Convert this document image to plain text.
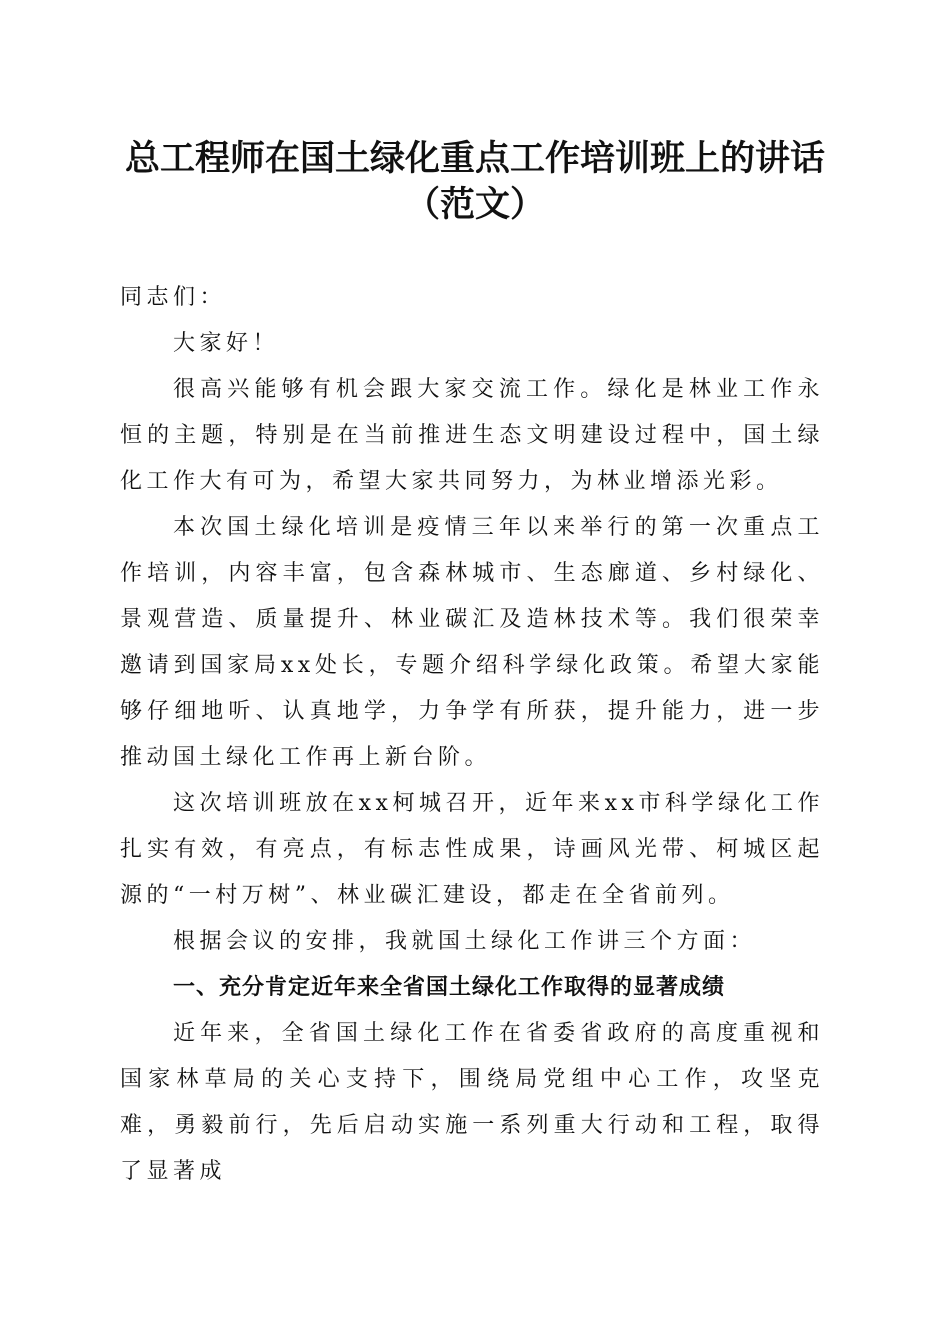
总工程师在国土绿化重点工作培训班上的讲话
（范文）
同志们：

大家好！

很高兴能够有机会跟大家交流工作。绿化是林业工作永恒的主题，特别是在当前推进生态文明建设过程中，国土绿化工作大有可为，希望大家共同努力，为林业增添光彩。

本次国土绿化培训是疫情三年以来举行的第一次重点工作培训，内容丰富，包含森林城市、生态廊道、乡村绿化、景观营造、质量提升、林业碳汇及造林技术等。我们很荣幸邀请到国家局xx处长，专题介绍科学绿化政策。希望大家能够仔细地听、认真地学，力争学有所获，提升能力，进一步推动国土绿化工作再上新台阶。

这次培训班放在xx柯城召开，近年来xx市科学绿化工作扎实有效，有亮点，有标志性成果，诗画风光带、柯城区起源的“一村万树”、林业碳汇建设，都走在全省前列。

根据会议的安排，我就国土绿化工作讲三个方面：

一、充分肯定近年来全省国土绿化工作取得的显著成绩

近年来，全省国土绿化工作在省委省政府的高度重视和国家林草局的关心支持下，围绕局党组中心工作，攻坚克难，勇毅前行，先后启动实施一系列重大行动和工程，取得了显著成
